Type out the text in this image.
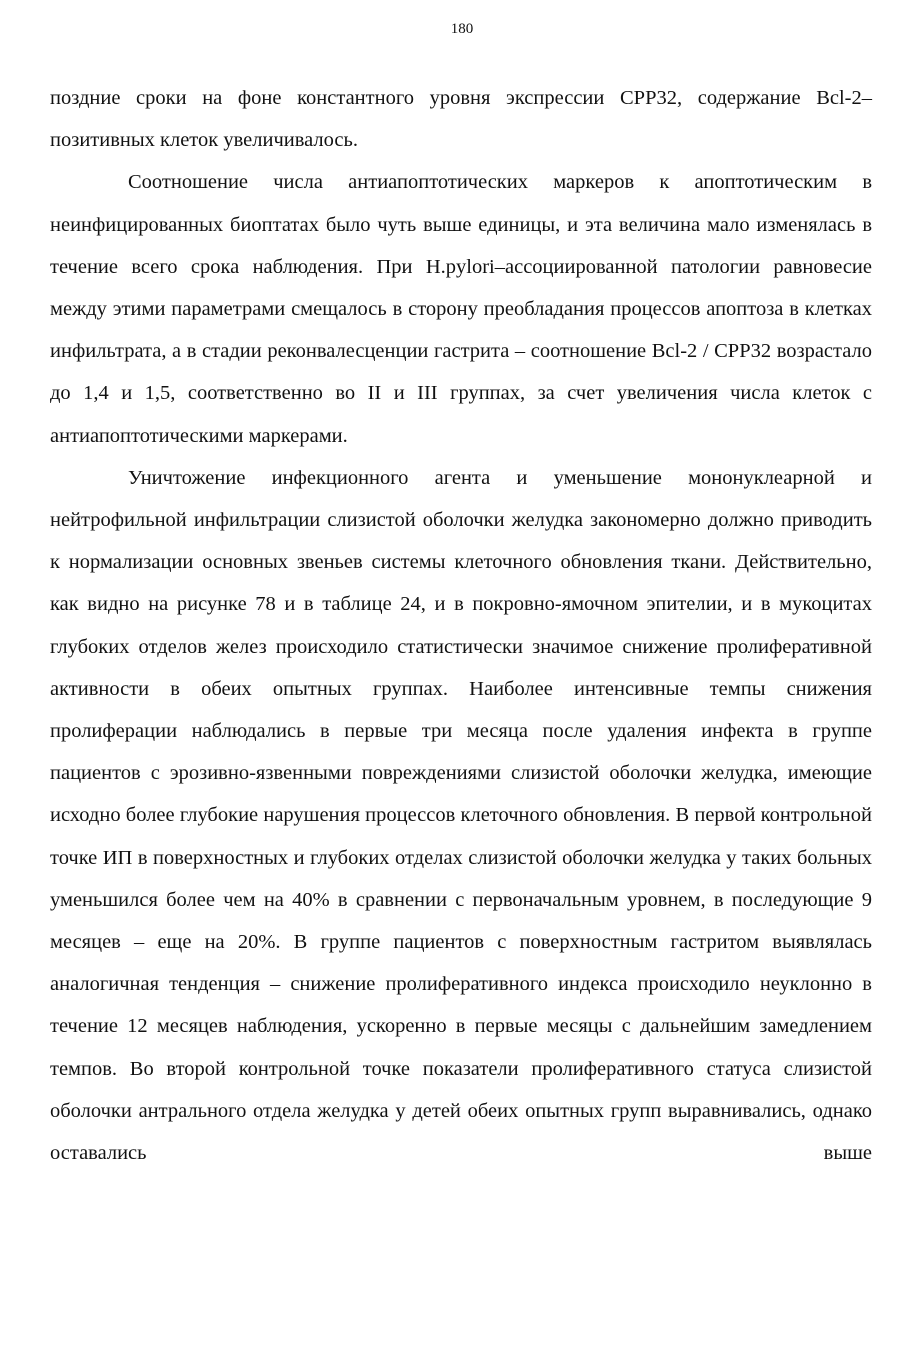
180

поздние сроки на фоне константного уровня экспрессии CPP32, содержание Bcl-2–позитивных клеток увеличивалось.

Соотношение числа антиапоптотических маркеров к апоптотическим в неинфицированных биоптатах было чуть выше единицы, и эта величина мало изменялась в течение всего срока наблюдения. При H.pylori–ассоциированной патологии равновесие между этими параметрами смещалось в сторону преобладания процессов апоптоза в клетках инфильтрата, а в стадии реконвалесценции гастрита – соотношение Bcl-2 / CPP32 возрастало до 1,4 и 1,5, соответственно во II и III группах, за счет увеличения числа клеток с антиапоптотическими маркерами.

Уничтожение инфекционного агента и уменьшение мононуклеарной и нейтрофильной инфильтрации слизистой оболочки желудка закономерно должно приводить к нормализации основных звеньев системы клеточного обновления ткани. Действительно, как видно на рисунке 78 и в таблице 24, и в покровно-ямочном эпителии, и в мукоцитах глубоких отделов желез происходило статистически значимое снижение пролиферативной активности в обеих опытных группах. Наиболее интенсивные темпы снижения пролиферации наблюдались в первые три месяца после удаления инфекта в группе пациентов с эрозивно-язвенными повреждениями слизистой оболочки желудка, имеющие исходно более глубокие нарушения процессов клеточного обновления. В первой контрольной точке ИП в поверхностных и глубоких отделах слизистой оболочки желудка у таких больных уменьшился более чем на 40% в сравнении с первоначальным уровнем, в последующие 9 месяцев – еще на 20%. В группе пациентов с поверхностным гастритом выявлялась аналогичная тенденция – снижение пролиферативного индекса происходило неуклонно в течение 12 месяцев наблюдения, ускоренно в первые месяцы с дальнейшим замедлением темпов. Во второй контрольной точке показатели пролиферативного статуса слизистой оболочки антрального отдела желудка у детей обеих опытных групп выравнивались, однако оставались выше
